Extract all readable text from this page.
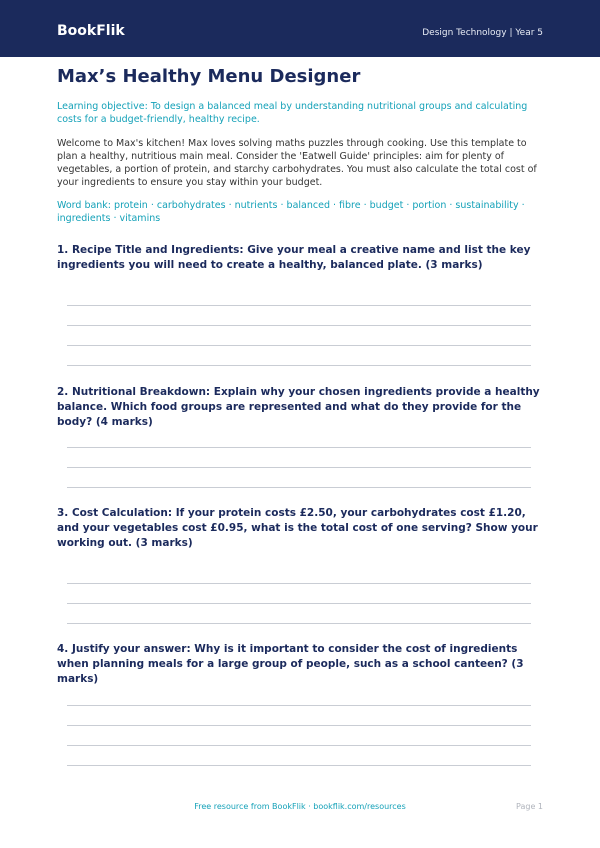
BookFlik	Design Technology | Year 5
Max’s Healthy Menu Designer
Learning objective: To design a balanced meal by understanding nutritional groups and calculating costs for a budget-friendly, healthy recipe.
Welcome to Max's kitchen! Max loves solving maths puzzles through cooking. Use this template to plan a healthy, nutritious main meal. Consider the 'Eatwell Guide' principles: aim for plenty of vegetables, a portion of protein, and starchy carbohydrates. You must also calculate the total cost of your ingredients to ensure you stay within your budget.
Word bank: protein · carbohydrates · nutrients · balanced · fibre · budget · portion · sustainability · ingredients · vitamins
1. Recipe Title and Ingredients: Give your meal a creative name and list the key ingredients you will need to create a healthy, balanced plate. (3 marks)
2. Nutritional Breakdown: Explain why your chosen ingredients provide a healthy balance. Which food groups are represented and what do they provide for the body? (4 marks)
3. Cost Calculation: If your protein costs £2.50, your carbohydrates cost £1.20, and your vegetables cost £0.95, what is the total cost of one serving? Show your working out. (3 marks)
4. Justify your answer: Why is it important to consider the cost of ingredients when planning meals for a large group of people, such as a school canteen? (3 marks)
Free resource from BookFlik · bookflik.com/resources	Page 1
